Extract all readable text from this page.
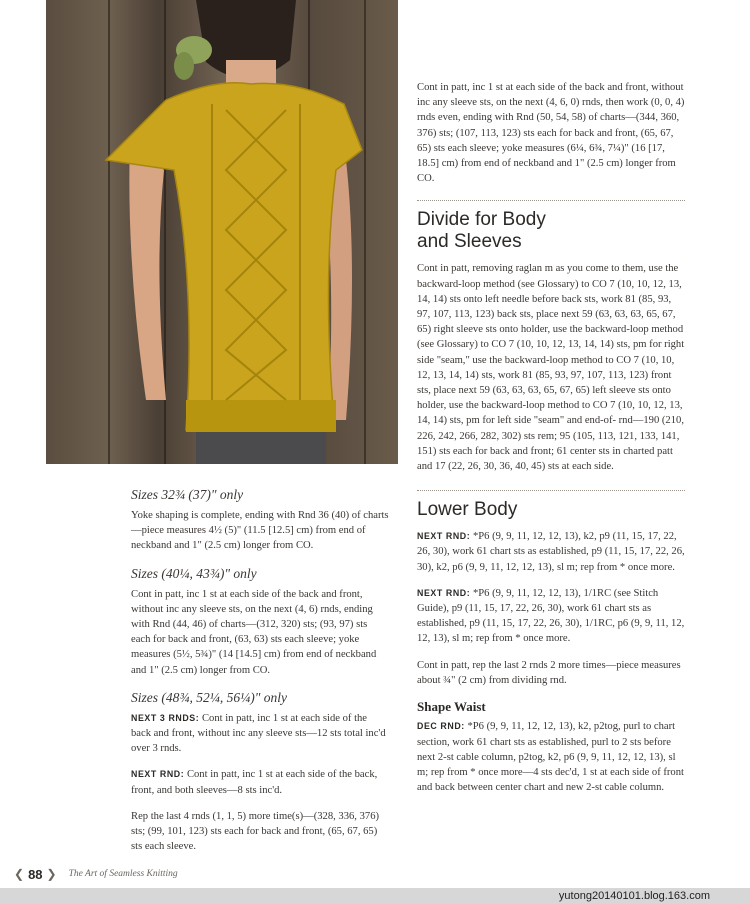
Sizes 32¾ (37)" only

Yoke shaping is complete, ending with Rnd 36 (40) of charts—piece measures 4½ (5)" (11.5 [12.5] cm) from end of neckband and 1" (2.5 cm) longer from CO.

Sizes (40¼, 43¾)" only

Cont in patt, inc 1 st at each side of the back and front, without inc any sleeve sts, on the next (4, 6) rnds, ending with Rnd (44, 46) of charts—(312, 320) sts; (93, 97) sts each for back and front, (63, 63) sts each sleeve; yoke measures (5½, 5¾)" (14 [14.5] cm) from end of neckband and 1" (2.5 cm) longer from CO.

Sizes (48¾, 52¼, 56¼)" only

NEXT 3 RNDS: Cont in patt, inc 1 st at each side of the back and front, without inc any sleeve sts—12 sts total inc'd over 3 rnds.

NEXT RND: Cont in patt, inc 1 st at each side of the back, front, and both sleeves—8 sts inc'd.

Rep the last 4 rnds (1, 1, 5) more time(s)—(328, 336, 376) sts; (99, 101, 123) sts each for back and front, (65, 67, 65) sts each sleeve.

Cont in patt, inc 1 st at each side of the back and front, without inc any sleeve sts, on the next (4, 6, 0) rnds, then work (0, 0, 4) rnds even, ending with Rnd (50, 54, 58) of charts—(344, 360, 376) sts; (107, 113, 123) sts each for back and front, (65, 67, 65) sts each sleeve; yoke measures (6¼, 6¾, 7¼)" (16 [17, 18.5] cm) from end of neckband and 1" (2.5 cm) longer from CO.

Divide for Body
and Sleeves

Cont in patt, removing raglan m as you come to them, use the backward-loop method (see Glossary) to CO 7 (10, 10, 12, 13, 14, 14) sts onto left needle before back sts, work 81 (85, 93, 97, 107, 113, 123) back sts, place next 59 (63, 63, 63, 65, 67, 65) right sleeve sts onto holder, use the backward-loop method (see Glossary) to CO 7 (10, 10, 12, 13, 14, 14) sts, pm for right side "seam," use the backward-loop method to CO 7 (10, 10, 12, 13, 14, 14) sts, work 81 (85, 93, 97, 107, 113, 123) front sts, place next 59 (63, 63, 63, 65, 67, 65) left sleeve sts onto holder, use the backward-loop method to CO 7 (10, 10, 12, 13, 14, 14) sts, pm for left side "seam" and end-of- rnd—190 (210, 226, 242, 266, 282, 302) sts rem; 95 (105, 113, 121, 133, 141, 151) sts each for back and front; 61 center sts in charted patt and 17 (22, 26, 30, 36, 40, 45) sts at each side.

Lower Body

NEXT RND: *P6 (9, 9, 11, 12, 12, 13), k2, p9 (11, 15, 17, 22, 26, 30), work 61 chart sts as established, p9 (11, 15, 17, 22, 26, 30), k2, p6 (9, 9, 11, 12, 12, 13), sl m; rep from * once more.

NEXT RND: *P6 (9, 9, 11, 12, 12, 13), 1/1RC (see Stitch Guide), p9 (11, 15, 17, 22, 26, 30), work 61 chart sts as established, p9 (11, 15, 17, 22, 26, 30), 1/1RC, p6 (9, 9, 11, 12, 12, 13), sl m; rep from * once more.

Cont in patt, rep the last 2 rnds 2 more times—piece measures about ¾" (2 cm) from dividing rnd.

Shape Waist

DEC RND: *P6 (9, 9, 11, 12, 12, 13), k2, p2tog, purl to chart section, work 61 chart sts as established, purl to 2 sts before next 2-st cable column, p2tog, k2, p6 (9, 9, 11, 12, 12, 13), sl m; rep from * once more—4 sts dec'd, 1 st at each side of front and back between center chart and new 2-st cable column.

❮ 88 ❯ The Art of Seamless Knitting
yutong20140101.blog.163.com
